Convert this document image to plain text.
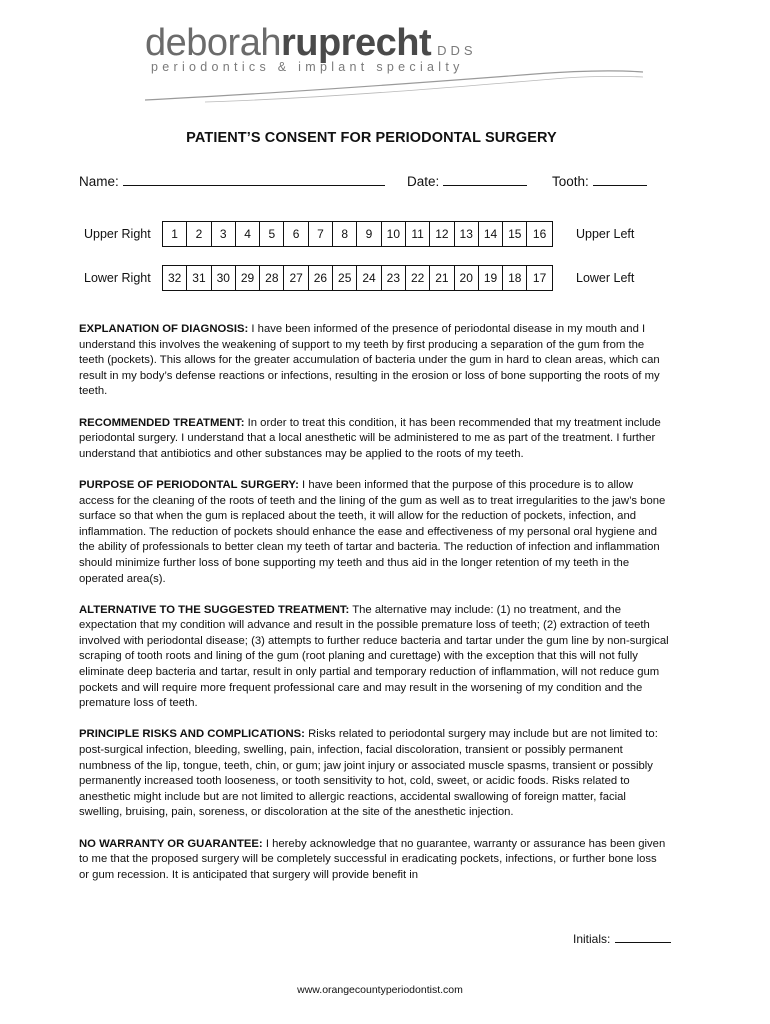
deborahruprecht DDS
periodontics & implant specialty
PATIENT’S CONSENT FOR PERIODONTAL SURGERY
Name:	Date:	Tooth:
Upper Right	1	2	3	4	5	6	7	8	9	10 11 12 13 14 15 16	Upper Left
Lower Right	32 31 30 29 28 27 26 25 24 23 22 21 20 19 18 17	Lower Left

EXPLANATION OF DIAGNOSIS: I have been informed of the presence of periodontal disease in my mouth and I understand this involves the weakening of support to my teeth by first producing a separation of the gum from the teeth (pockets). This allows for the greater accumulation of bacteria under the gum in hard to clean areas, which can result in my body’s defense reactions or infections, resulting in the erosion or loss of bone supporting the roots of my teeth.

RECOMMENDED TREATMENT: In order to treat this condition, it has been recommended that my treatment include periodontal surgery. I understand that a local anesthetic will be administered to me as part of the treatment. I further understand that antibiotics and other substances may be applied to the roots of my teeth.

PURPOSE OF PERIODONTAL SURGERY: I have been informed that the purpose of this procedure is to allow access for the cleaning of the roots of teeth and the lining of the gum as well as to treat irregularities to the jaw’s bone surface so that when the gum is replaced about the teeth, it will allow for the reduction of pockets, infection, and inflammation. The reduction of pockets should enhance the ease and effectiveness of my personal oral hygiene and the ability of professionals to better clean my teeth of tartar and bacteria. The reduction of infection and inflammation should minimize further loss of bone supporting my teeth and thus aid in the longer retention of my teeth in the operated area(s).

ALTERNATIVE TO THE SUGGESTED TREATMENT: The alternative may include: (1) no treatment, and the expectation that my condition will advance and result in the possible premature loss of teeth; (2) extraction of teeth involved with periodontal disease; (3) attempts to further reduce bacteria and tartar under the gum line by non-surgical scraping of tooth roots and lining of the gum (root planing and curettage) with the exception that this will not fully eliminate deep bacteria and tartar, result in only partial and temporary reduction of inflammation, will not reduce gum pockets and will require more frequent professional care and may result in the worsening of my condition and the premature loss of teeth.

PRINCIPLE RISKS AND COMPLICATIONS: Risks related to periodontal surgery may include but are not limited to: post-surgical infection, bleeding, swelling, pain, infection, facial discoloration, transient or possibly permanent numbness of the lip, tongue, teeth, chin, or gum; jaw joint injury or associated muscle spasms, transient or possibly permanently increased tooth looseness, or tooth sensitivity to hot, cold, sweet, or acidic foods. Risks related to anesthetic might include but are not limited to allergic reactions, accidental swallowing of foreign matter, facial swelling, bruising, pain, soreness, or discoloration at the site of the anesthetic injection.

NO WARRANTY OR GUARANTEE: I hereby acknowledge that no guarantee, warranty or assurance has been given to me that the proposed surgery will be completely successful in eradicating pockets, infections, or further bone loss or gum recession. It is anticipated that surgery will provide benefit in

Initials:
www.orangecountyperiodontist.com
